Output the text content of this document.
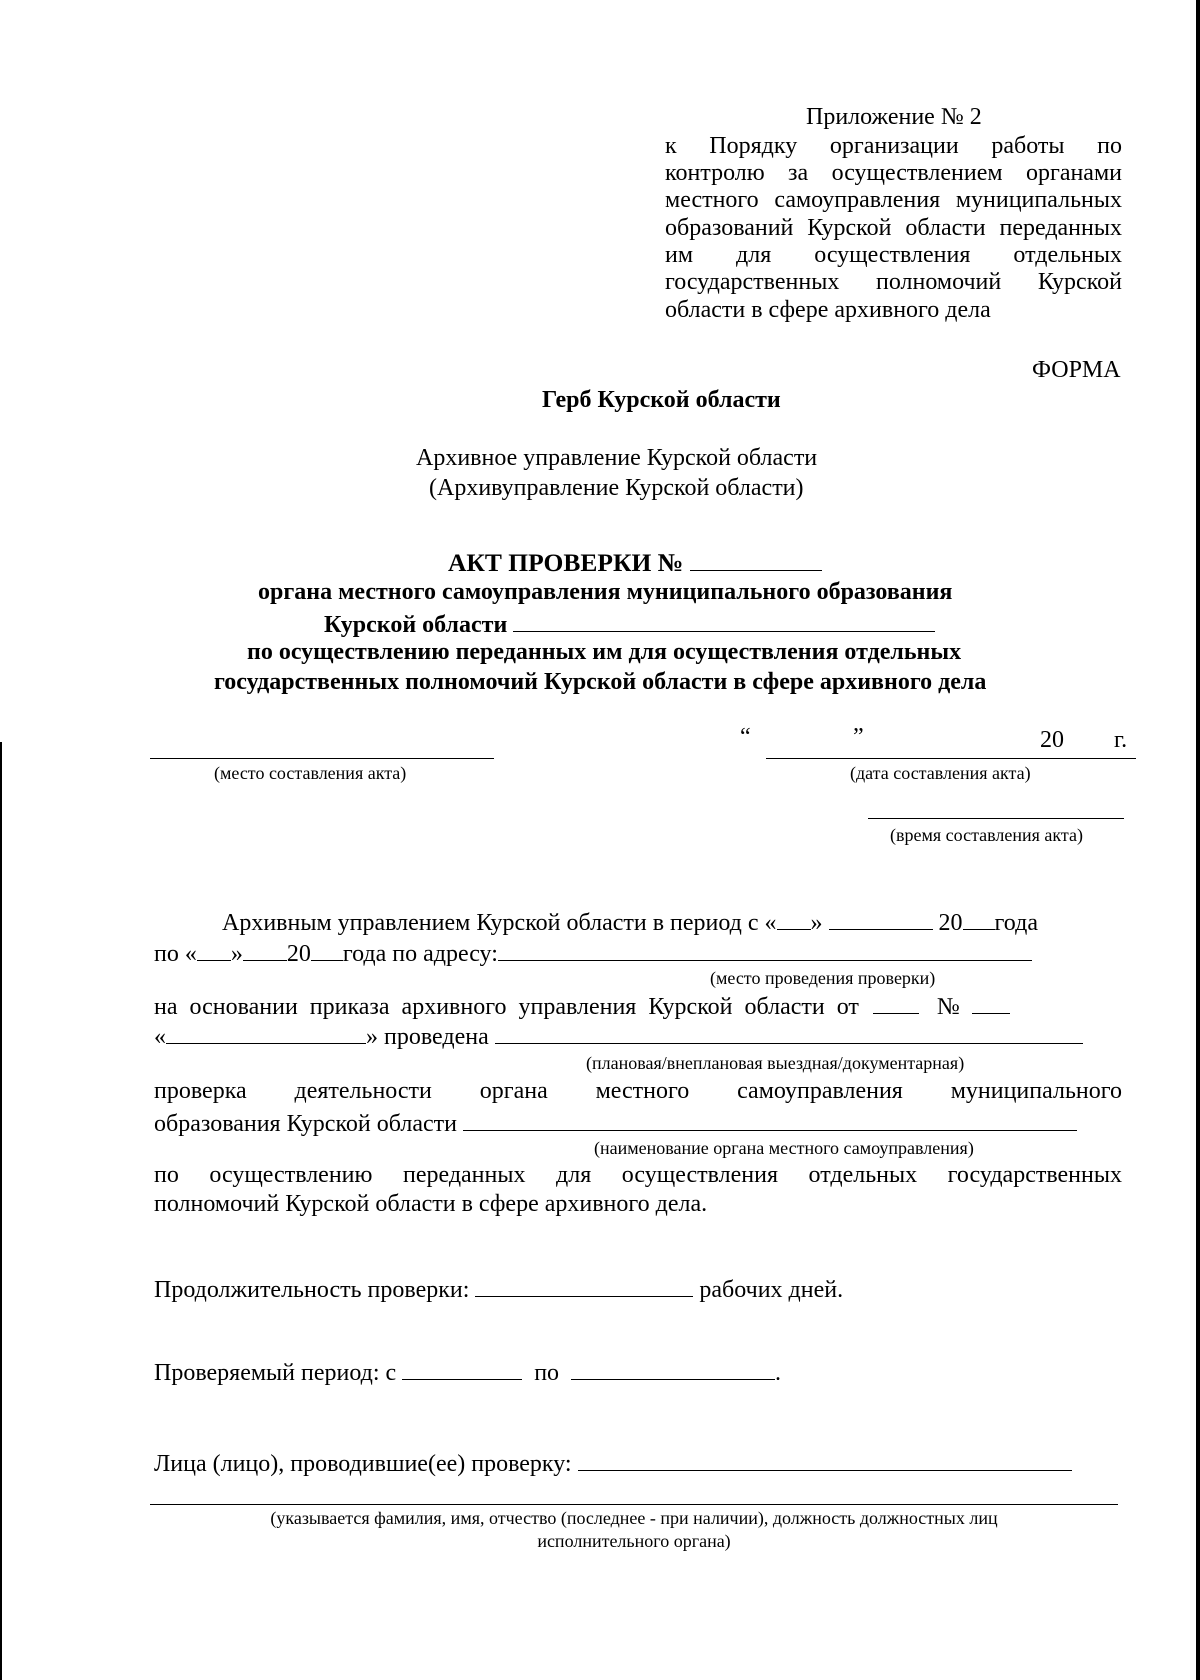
Приложение № 2
к Порядку организации работы по
контролю за осуществлением органами
местного самоуправления муниципальных
образований Курской области переданных
им для осуществления отдельных
государственных полномочий Курской
области в сфере архивного дела
ФОРМА
Герб Курской области
Архивное управление Курской области
(Архивуправление Курской области)
АКТ ПРОВЕРКИ №
органа местного самоуправления муниципального образования
Курской области
по осуществлению переданных им для осуществления отдельных
государственных полномочий Курской области в сфере архивного дела
(место составления акта)
“	”	20 г.
(дата составления акта)
(время составления акта)
Архивным управлением Курской области в период с « »	20 года
по « » 20 года по адресу:
(место проведения проверки)
на основании приказа архивного управления Курской области от	№
«	» проведена
(плановая/внеплановая выездная/документарная)
проверка деятельности органа местного самоуправления муниципального
образования Курской области
(наименование органа местного самоуправления)
по осуществлению переданных для осуществления отдельных государственных
полномочий Курской области в сфере архивного дела.
Продолжительность проверки:	рабочих дней.
Проверяемый период: с	по	.
Лица (лицо), проводившие(ее) проверку:
(указывается фамилия, имя, отчество (последнее - при наличии), должность должностных лиц
исполнительного органа)
